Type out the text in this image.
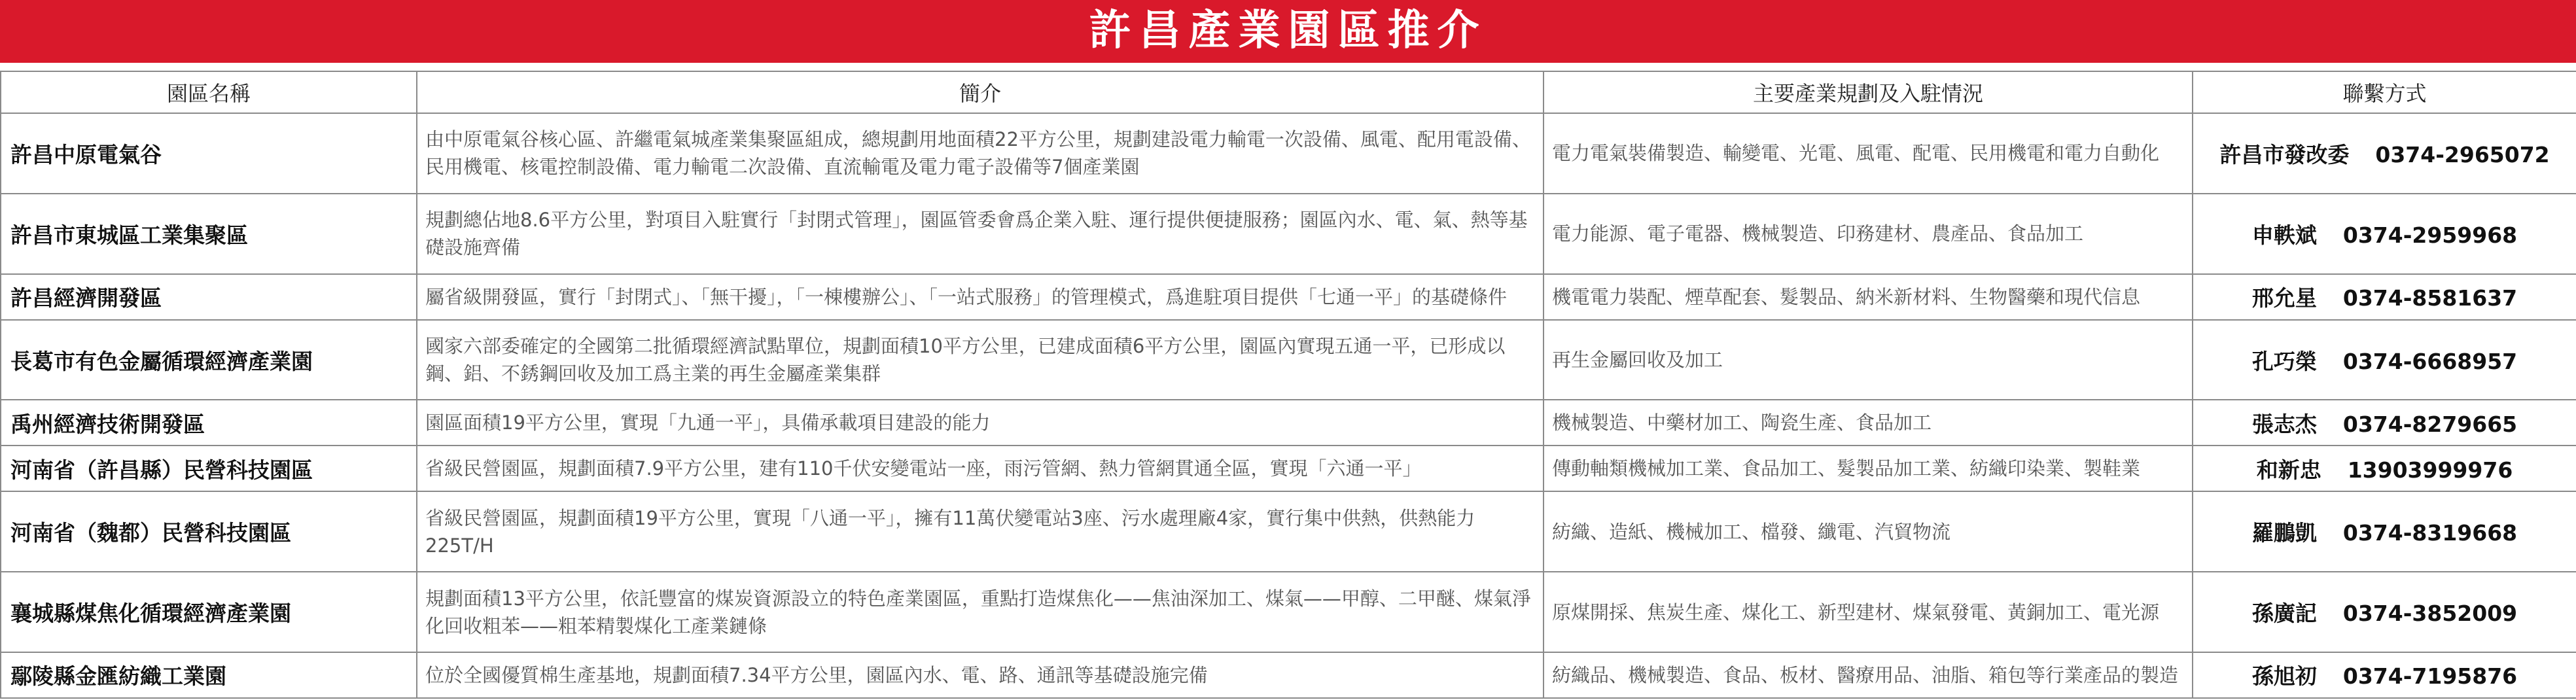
許昌產業園區推介
園區名稱	簡介	主要產業規劃及入駐情況	聯繫方式
許昌中原電氣谷	由中原電氣谷核心區、許繼電氣城產業集聚區組成，總規劃用地面積22平方公里，規劃建設電力輸電一次設備、風電、配用電設備、民用機電、核電控制設備、電力輸電二次設備、直流輸電及電力電子設備等7個產業園	電力電氣裝備製造、輸變電、光電、風電、配電、民用機電和電力自動化	許昌市發改委 0374-2965072
許昌市東城區工業集聚區	規劃總佔地8.6平方公里，對項目入駐實行「封閉式管理」，園區管委會爲企業入駐、運行提供便捷服務；園區內水、電、氣、熱等基礎設施齊備	電力能源、電子電器、機械製造、印務建材、農產品、食品加工	申軼斌 0374-2959968
許昌經濟開發區	屬省級開發區，實行「封閉式」、「無干擾」，「一棟樓辦公」、「一站式服務」的管理模式，爲進駐項目提供「七通一平」的基礎條件	機電電力裝配、煙草配套、髮製品、納米新材料、生物醫藥和現代信息	邢允星 0374-8581637
長葛市有色金屬循環經濟產業園	國家六部委確定的全國第二批循環經濟試點單位，規劃面積10平方公里，已建成面積6平方公里，園區內實現五通一平，已形成以鋼、鋁、不銹鋼回收及加工爲主業的再生金屬產業集群	再生金屬回收及加工	孔巧榮 0374-6668957
禹州經濟技術開發區	園區面積19平方公里，實現「九通一平」，具備承載項目建設的能力	機械製造、中藥材加工、陶瓷生產、食品加工	張志杰 0374-8279665
河南省（許昌縣）民營科技園區	省級民營園區，規劃面積7.9平方公里，建有110千伏安變電站一座，雨污管網、熱力管網貫通全區，實現「六通一平」	傳動軸類機械加工業、食品加工、髮製品加工業、紡織印染業、製鞋業	和新忠 13903999976
河南省（魏都）民營科技園區	省級民營園區，規劃面積19平方公里，實現「八通一平」，擁有11萬伏變電站3座、污水處理廠4家，實行集中供熱，供熱能力225T/H	紡織、造紙、機械加工、檔發、纖電、汽貿物流	羅鵬凱 0374-8319668
襄城縣煤焦化循環經濟產業園	規劃面積13平方公里，依託豐富的煤炭資源設立的特色產業園區，重點打造煤焦化——焦油深加工、煤氣——甲醇、二甲醚、煤氣淨化回收粗苯——粗苯精製煤化工產業鏈條	原煤開採、焦炭生產、煤化工、新型建材、煤氣發電、黃銅加工、電光源	孫廣記 0374-3852009
鄢陵縣金匯紡織工業園	位於全國優質棉生產基地，規劃面積7.34平方公里，園區內水、電、路、通訊等基礎設施完備	紡織品、機械製造、食品、板材、醫療用品、油脂、箱包等行業產品的製造	孫旭初 0374-7195876
